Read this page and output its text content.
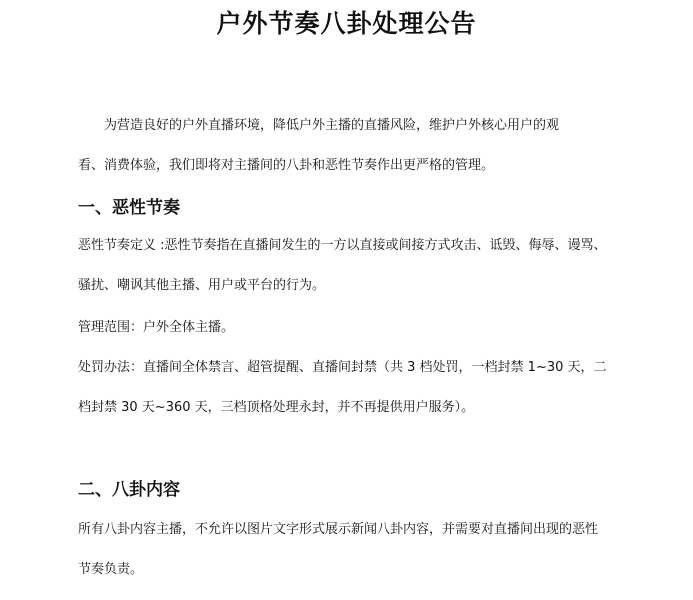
户外节奏八卦处理公告
为营造良好的户外直播环境，降低户外主播的直播风险，维护户外核心用户的观
看、消费体验，我们即将对主播间的八卦和恶性节奏作出更严格的管理。
一、恶性节奏
恶性节奏定义 :恶性节奏指在直播间发生的一方以直接或间接方式攻击、诋毁、侮辱、谩骂、
骚扰、嘲讽其他主播、用户或平台的行为。
管理范围：户外全体主播。
处罚办法：直播间全体禁言、超管提醒、直播间封禁（共 3 档处罚，一档封禁 1~30 天，二
档封禁 30 天~360 天，三档顶格处理永封，并不再提供用户服务）。
二、八卦内容
所有八卦内容主播，不允许以图片文字形式展示新闻八卦内容，并需要对直播间出现的恶性
节奏负责。
